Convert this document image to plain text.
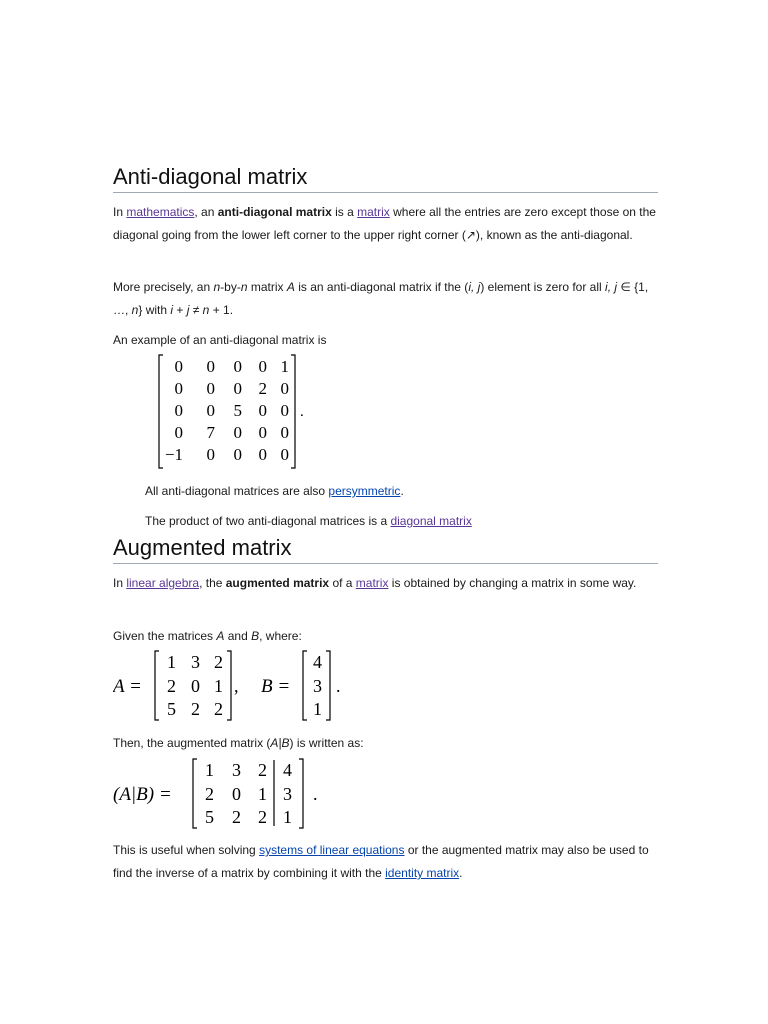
Anti-diagonal matrix

In mathematics, an anti-diagonal matrix is a matrix where all the entries are zero except those on the diagonal going from the lower left corner to the upper right corner (↗), known as the anti-diagonal.

More precisely, an n-by-n matrix A is an anti-diagonal matrix if the (i, j) element is zero for all i, j ∈ {1, …, n} with i + j ≠ n + 1.

An example of an anti-diagonal matrix is

0 0 0 0 1
0 0 0 2 0
0 0 5 0 0
0 7 0 0 0
−1 0 0 0 0
.

All anti-diagonal matrices are also persymmetric.

The product of two anti-diagonal matrices is a diagonal matrix

Augmented matrix

In linear algebra, the augmented matrix of a matrix is obtained by changing a matrix in some way.

Given the matrices A and B, where:

A =
1 3 2
2 0 1
5 2 2
, B =
4
3
1
.

Then, the augmented matrix (A|B) is written as:

(A|B) =
1 3 2
2 0 1
5 2 2
4
3
1
.

This is useful when solving systems of linear equations or the augmented matrix may also be used to find the inverse of a matrix by combining it with the identity matrix.
